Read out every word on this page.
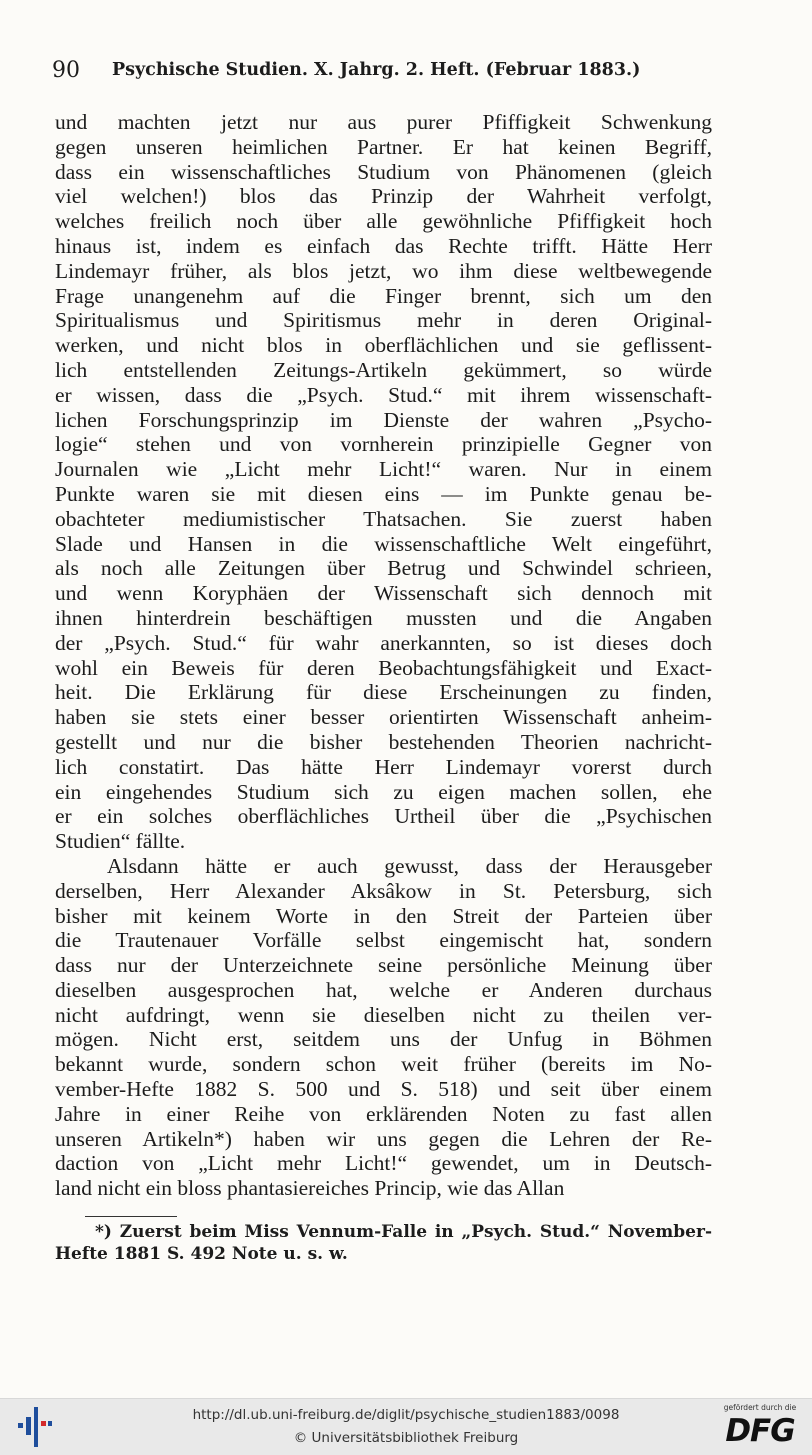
90 Psychische Studien. X. Jahrg. 2. Heft. (Februar 1883.)
und machten jetzt nur aus purer Pfiffigkeit Schwenkung
gegen unseren heimlichen Partner. Er hat keinen Begriff,
dass ein wissenschaftliches Studium von Phänomenen (gleich
viel welchen!) blos das Prinzip der Wahrheit verfolgt,
welches freilich noch über alle gewöhnliche Pfiffigkeit hoch
hinaus ist, indem es einfach das Rechte trifft. Hätte Herr
Lindemayr früher, als blos jetzt, wo ihm diese weltbewegende
Frage unangenehm auf die Finger brennt, sich um den
Spiritualismus und Spiritismus mehr in deren Original-
werken, und nicht blos in oberflächlichen und sie geflissent-
lich entstellenden Zeitungs-Artikeln gekümmert, so würde
er wissen, dass die „Psych. Stud.“ mit ihrem wissenschaft-
lichen Forschungsprinzip im Dienste der wahren „Psycho-
logie“ stehen und von vornherein prinzipielle Gegner von
Journalen wie „Licht mehr Licht!“ waren. Nur in einem
Punkte waren sie mit diesen eins — im Punkte genau be-
obachteter mediumistischer Thatsachen. Sie zuerst haben
Slade und Hansen in die wissenschaftliche Welt eingeführt,
als noch alle Zeitungen über Betrug und Schwindel schrieen,
und wenn Koryphäen der Wissenschaft sich dennoch mit
ihnen hinterdrein beschäftigen mussten und die Angaben
der „Psych. Stud.“ für wahr anerkannten, so ist dieses doch
wohl ein Beweis für deren Beobachtungsfähigkeit und Exact-
heit. Die Erklärung für diese Erscheinungen zu finden,
haben sie stets einer besser orientirten Wissenschaft anheim-
gestellt und nur die bisher bestehenden Theorien nachricht-
lich constatirt. Das hätte Herr Lindemayr vorerst durch
ein eingehendes Studium sich zu eigen machen sollen, ehe
er ein solches oberflächliches Urtheil über die „Psychischen
Studien“ fällte.
Alsdann hätte er auch gewusst, dass der Herausgeber
derselben, Herr Alexander Aksâkow in St. Petersburg, sich
bisher mit keinem Worte in den Streit der Parteien über
die Trautenauer Vorfälle selbst eingemischt hat, sondern
dass nur der Unterzeichnete seine persönliche Meinung über
dieselben ausgesprochen hat, welche er Anderen durchaus
nicht aufdringt, wenn sie dieselben nicht zu theilen ver-
mögen. Nicht erst, seitdem uns der Unfug in Böhmen
bekannt wurde, sondern schon weit früher (bereits im No-
vember-Hefte 1882 S. 500 und S. 518) und seit über einem
Jahre in einer Reihe von erklärenden Noten zu fast allen
unseren Artikeln*) haben wir uns gegen die Lehren der Re-
daction von „Licht mehr Licht!“ gewendet, um in Deutsch-
land nicht ein bloss phantasiereiches Princip, wie das Allan
*) Zuerst beim Miss Vennum-Falle in „Psych. Stud.“ November-
Hefte 1881 S. 492 Note u. s. w.
http://dl.ub.uni-freiburg.de/diglit/psychische_studien1883/0098
© Universitätsbibliothek Freiburg
gefördert durch die
DFG
